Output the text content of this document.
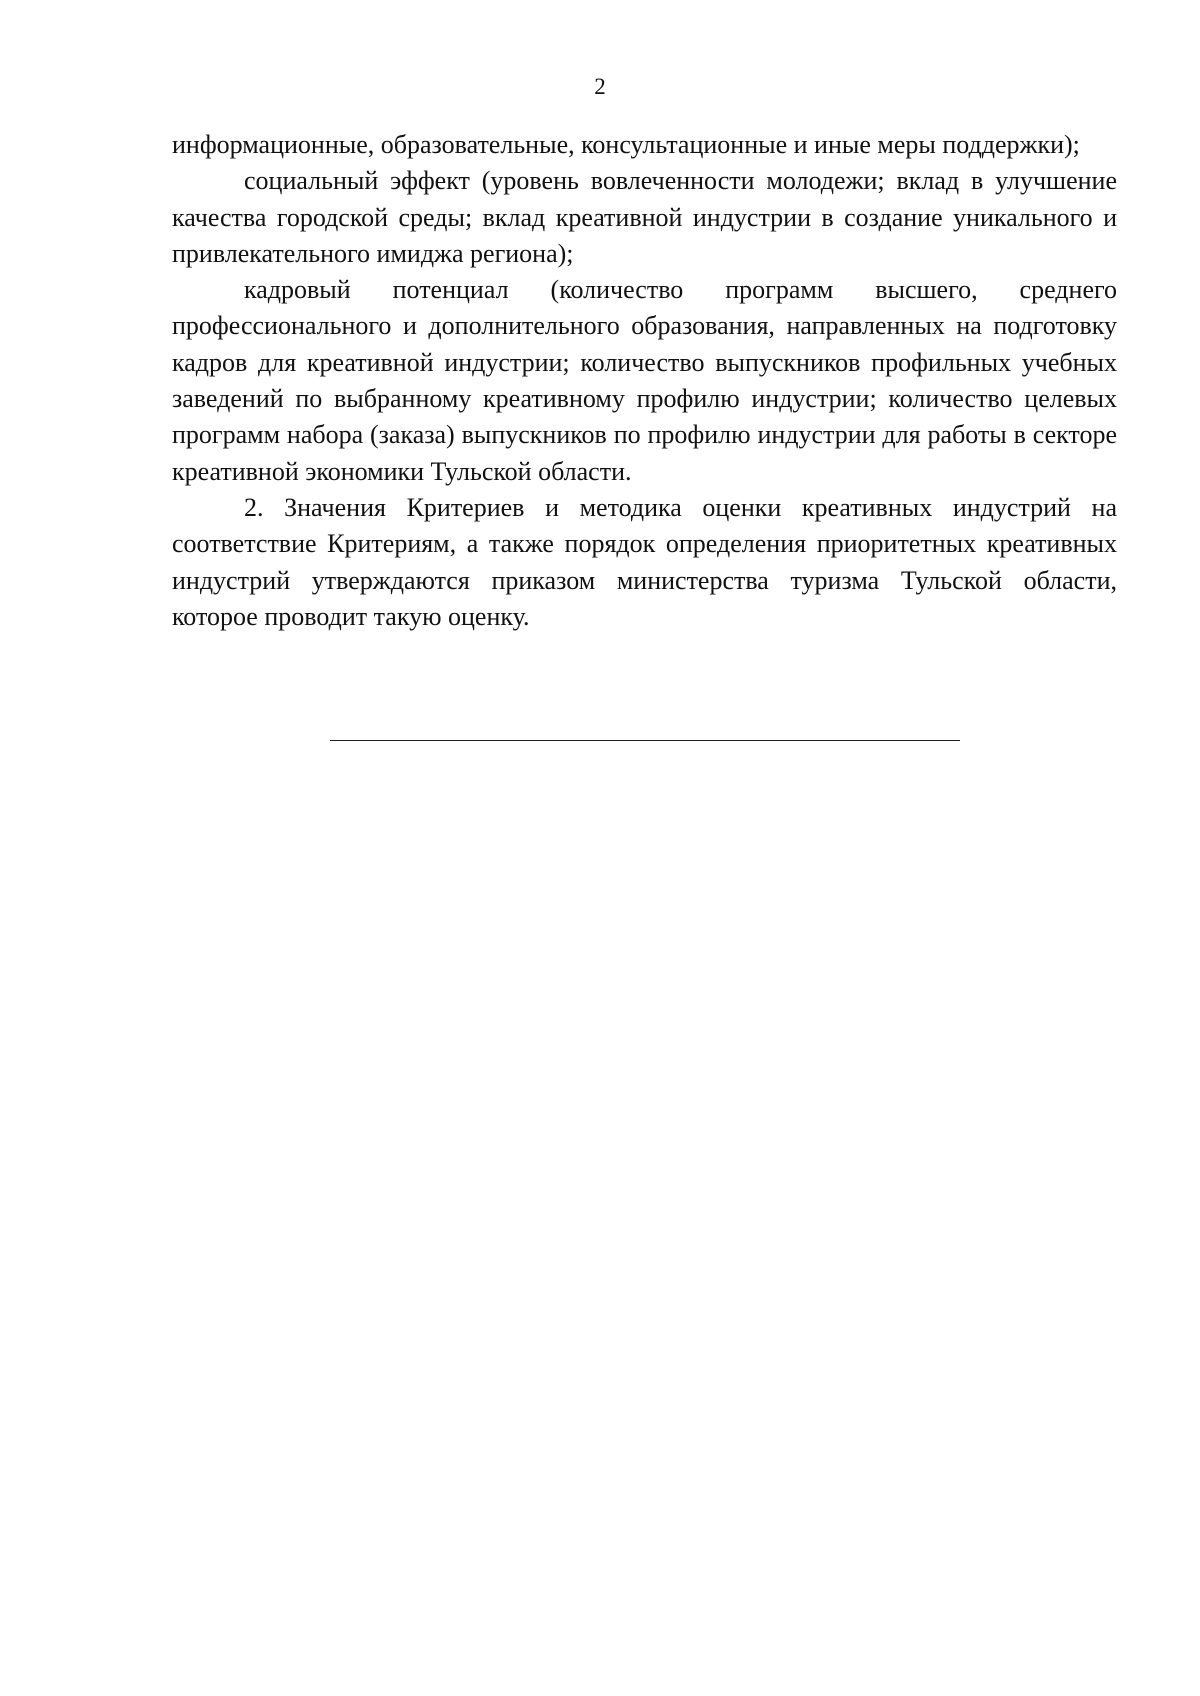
2

информационные, образовательные, консультационные и иные меры поддержки);

социальный эффект (уровень вовлеченности молодежи; вклад в улучшение качества городской среды; вклад креативной индустрии в создание уникального и привлекательного имиджа региона);

кадровый потенциал (количество программ высшего, среднего профессионального и дополнительного образования, направленных на подготовку кадров для креативной индустрии; количество выпускников профильных учебных заведений по выбранному креативному профилю индустрии; количество целевых программ набора (заказа) выпускников по профилю индустрии для работы в секторе креативной экономики Тульской области.

2. Значения Критериев и методика оценки креативных индустрий на соответствие Критериям, а также порядок определения приоритетных креативных индустрий утверждаются приказом министерства туризма Тульской области, которое проводит такую оценку.
